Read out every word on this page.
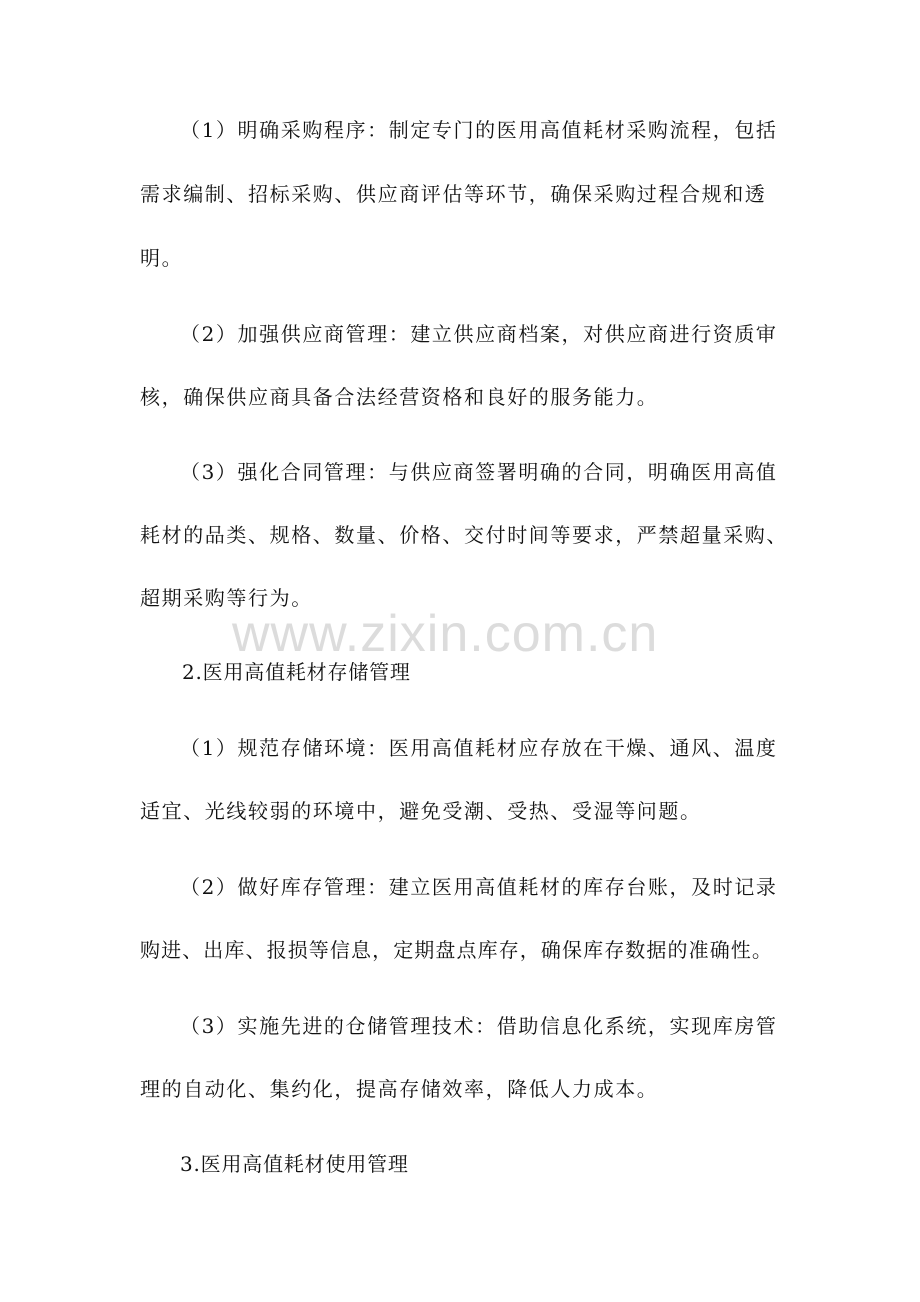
www.zixin.com.cn

（1）明确采购程序：制定专门的医用高值耗材采购流程，包括

需求编制、招标采购、供应商评估等环节，确保采购过程合规和透

明。

（2）加强供应商管理：建立供应商档案，对供应商进行资质审

核，确保供应商具备合法经营资格和良好的服务能力。

（3）强化合同管理：与供应商签署明确的合同，明确医用高值

耗材的品类、规格、数量、价格、交付时间等要求，严禁超量采购、

超期采购等行为。

2.医用高值耗材存储管理

（1）规范存储环境：医用高值耗材应存放在干燥、通风、温度

适宜、光线较弱的环境中，避免受潮、受热、受湿等问题。

（2）做好库存管理：建立医用高值耗材的库存台账，及时记录

购进、出库、报损等信息，定期盘点库存，确保库存数据的准确性。

（3）实施先进的仓储管理技术：借助信息化系统，实现库房管

理的自动化、集约化，提高存储效率，降低人力成本。

3.医用高值耗材使用管理
